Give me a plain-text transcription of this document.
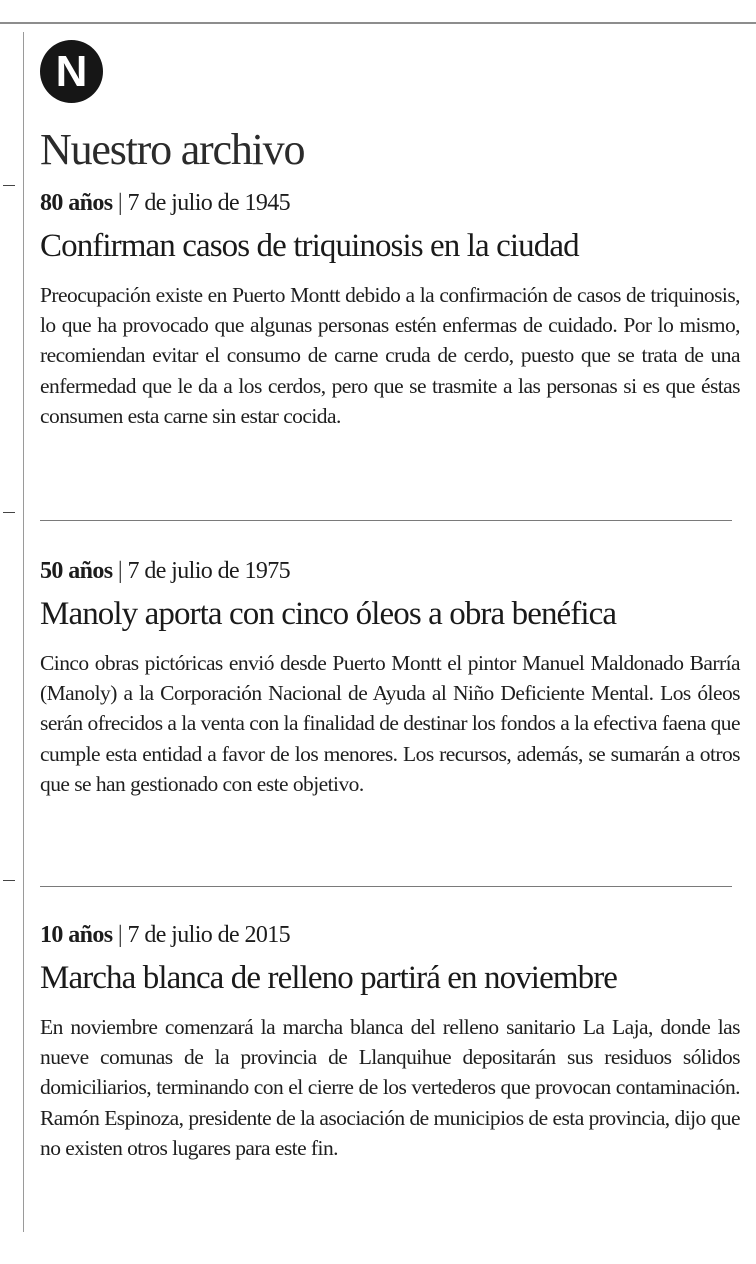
N
Nuestro archivo

80 años | 7 de julio de 1945

Confirman casos de triquinosis en la ciudad

Preocupación existe en Puerto Montt debido a la confirmación de casos de triquinosis, lo que ha provocado que algunas personas estén enfermas de cuidado. Por lo mismo, recomiendan evitar el consumo de carne cruda de cerdo, puesto que se trata de una enfermedad que le da a los cerdos, pero que se trasmite a las personas si es que éstas consumen esta carne sin estar cocida.

50 años | 7 de julio de 1975

Manoly aporta con cinco óleos a obra benéfica

Cinco obras pictóricas envió desde Puerto Montt el pintor Manuel Maldonado Barría (Manoly) a la Corporación Nacional de Ayuda al Niño Deficiente Mental. Los óleos serán ofrecidos a la venta con la finalidad de destinar los fondos a la efectiva faena que cumple esta entidad a favor de los menores. Los recursos, además, se sumarán a otros que se han gestionado con este objetivo.

10 años | 7 de julio de 2015

Marcha blanca de relleno partirá en noviembre

En noviembre comenzará la marcha blanca del relleno sanitario La Laja, donde las nueve comunas de la provincia de Llanquihue depositarán sus residuos sólidos domiciliarios, terminando con el cierre de los vertederos que provocan contaminación. Ramón Espinoza, presidente de la asociación de municipios de esta provincia, dijo que no existen otros lugares para este fin.
